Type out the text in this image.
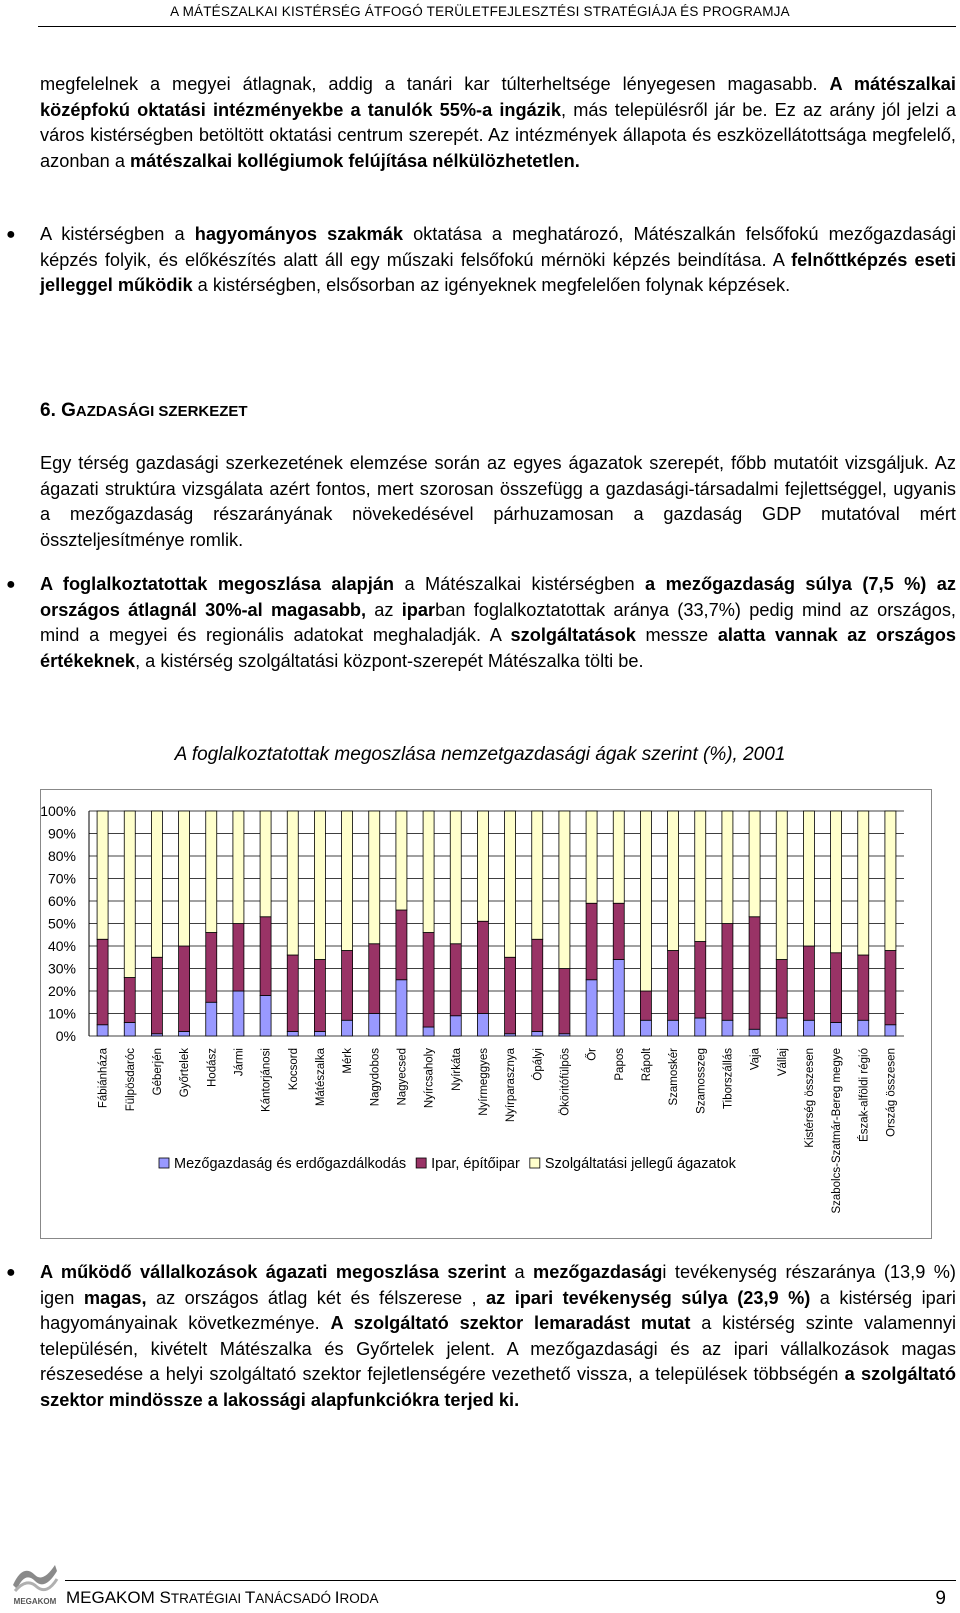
A MÁTÉSZALKAI KISTÉRSÉG ÁTFOGÓ TERÜLETFEJLESZTÉSI STRATÉGIÁJA ÉS PROGRAMJA
megfelelnek a megyei átlagnak, addig a tanári kar túlterheltsége lényegesen magasabb. A mátészalkai középfokú oktatási intézményekbe a tanulók 55%-a ingázik, más településről jár be. Ez az arány jól jelzi a város kistérségben betöltött oktatási centrum szerepét. Az intézmények állapota és eszközellátottsága megfelelő, azonban a mátészalkai kollégiumok felújítása nélkülözhetetlen.
● A kistérségben a hagyományos szakmák oktatása a meghatározó, Mátészalkán felsőfokú mezőgazdasági képzés folyik, és előkészítés alatt áll egy műszaki felsőfokú mérnöki képzés beindítása. A felnőttképzés eseti jelleggel működik a kistérségben, elsősorban az igényeknek megfelelően folynak képzések.
6. GAZDASÁGI SZERKEZET
Egy térség gazdasági szerkezetének elemzése során az egyes ágazatok szerepét, főbb mutatóit vizsgáljuk. Az ágazati struktúra vizsgálata azért fontos, mert szorosan összefügg a gazdasági-társadalmi fejlettséggel, ugyanis a mezőgazdaság részarányának növekedésével párhuzamosan a gazdaság GDP mutatóval mért összteljesítménye romlik.
● A foglalkoztatottak megoszlása alapján a Mátészalkai kistérségben a mezőgazdaság súlya (7,5 %) az országos átlagnál 30%-al magasabb, az iparban foglalkoztatottak aránya (33,7%) pedig mind az országos, mind a megyei és regionális adatokat meghaladják. A szolgáltatások messze alatta vannak az országos értékeknek, a kistérség szolgáltatási központ-szerepét Mátészalka tölti be.
A foglalkoztatottak megoszlása nemzetgazdasági ágak szerint (%), 2001
100%
90%
80%
70%
60%
50%
40%
30%
20%
10%
0%
Fábiánháza Fülpösdaróc Géberjén Győrtelek Hodász Jármi Kántorjánosi Kocsord Mátészalka Mérk Nagydobos Nagyecsed Nyírcsaholy Nyírkáta Nyírmeggyes Nyírparasznya Ópályi Ököritófülpös Őr Papos Rápolt Szamoskér Szamosszeg Tiborszállás Vaja Vállaj Kistérség összesen Szabolcs-Szatmár-Bereg megye Észak-alföldi régió Ország összesen
Mezőgazdaság és erdőgazdálkodás Ipar, építőipar Szolgáltatási jellegű ágazatok
● A működő vállalkozások ágazati megoszlása szerint a mezőgazdasági tevékenység részaránya (13,9 %) igen magas, az országos átlag két és félszerese , az ipari tevékenység súlya (23,9 %) a kistérség ipari hagyományainak következménye. A szolgáltató szektor lemaradást mutat a kistérség szinte valamennyi településén, kivételt Mátészalka és Győrtelek jelent. A mezőgazdasági és az ipari vállalkozások magas részesedése a helyi szolgáltató szektor fejletlenségére vezethető vissza, a települések többségén a szolgáltató szektor mindössze a lakossági alapfunkciókra terjed ki.
MEGAKOM MEGAKOM STRATÉGIAI TANÁCSADÓ IRODA	9
